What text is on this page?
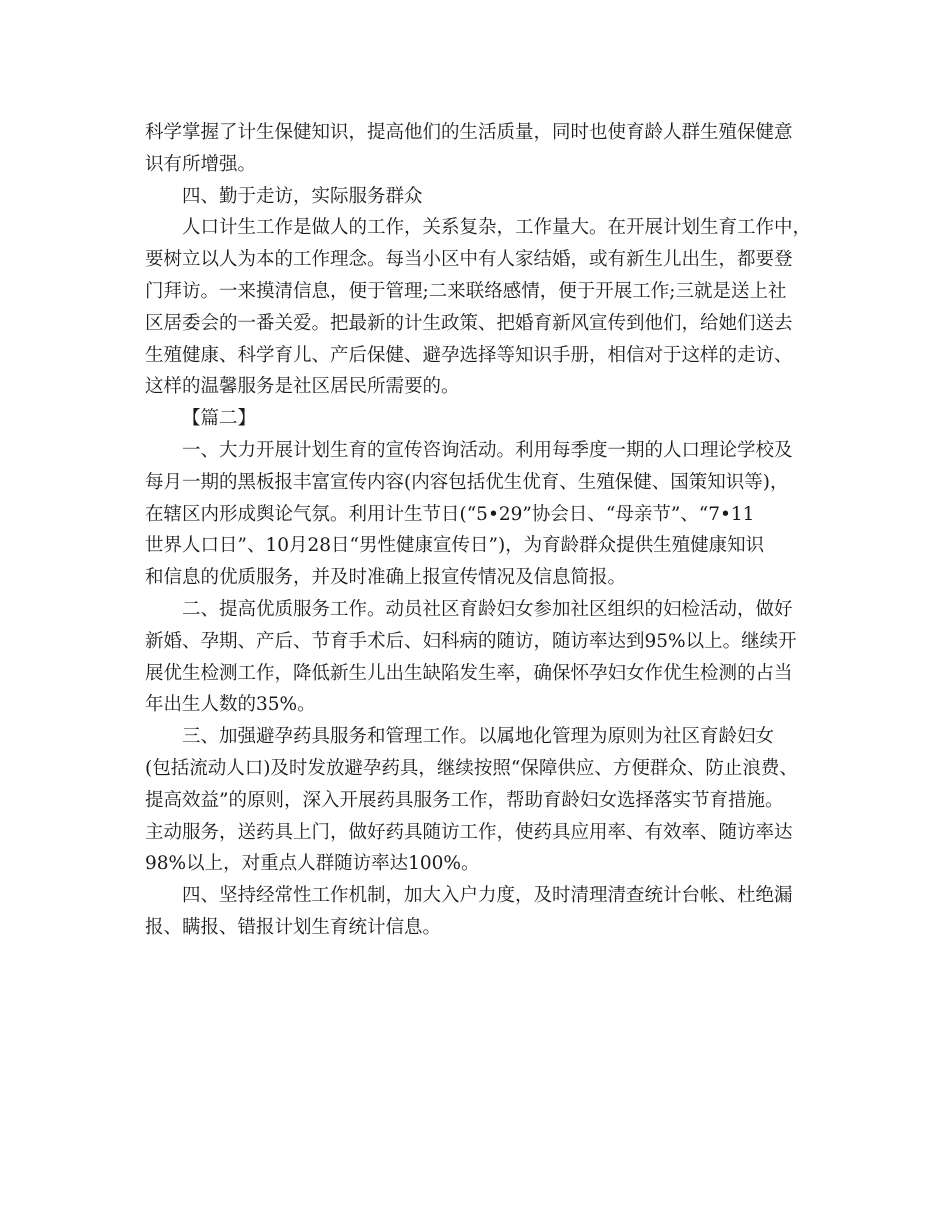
科学掌握了计生保健知识，提高他们的生活质量，同时也使育龄人群生殖保健意
识有所增强。
四、勤于走访，实际服务群众
人口计生工作是做人的工作，关系复杂，工作量大。在开展计划生育工作中，
要树立以人为本的工作理念。每当小区中有人家结婚，或有新生儿出生，都要登
门拜访。一来摸清信息，便于管理;二来联络感情，便于开展工作;三就是送上社
区居委会的一番关爱。把最新的计生政策、把婚育新风宣传到他们，给她们送去
生殖健康、科学育儿、产后保健、避孕选择等知识手册，相信对于这样的走访、
这样的温馨服务是社区居民所需要的。
【篇二】
一、大力开展计划生育的宣传咨询活动。利用每季度一期的人口理论学校及
每月一期的黑板报丰富宣传内容(内容包括优生优育、生殖保健、国策知识等)，
在辖区内形成舆论气氛。利用计生节日(“5•29”协会日、“母亲节”、“7•11
世界人口日”、10月28日“男性健康宣传日”)，为育龄群众提供生殖健康知识
和信息的优质服务，并及时准确上报宣传情况及信息简报。
二、提高优质服务工作。动员社区育龄妇女参加社区组织的妇检活动，做好
新婚、孕期、产后、节育手术后、妇科病的随访，随访率达到95%以上。继续开
展优生检测工作，降低新生儿出生缺陷发生率，确保怀孕妇女作优生检测的占当
年出生人数的35%。
三、加强避孕药具服务和管理工作。以属地化管理为原则为社区育龄妇女
(包括流动人口)及时发放避孕药具，继续按照“保障供应、方便群众、防止浪费、
提高效益”的原则，深入开展药具服务工作，帮助育龄妇女选择落实节育措施。
主动服务，送药具上门，做好药具随访工作，使药具应用率、有效率、随访率达
98%以上，对重点人群随访率达100%。
四、坚持经常性工作机制，加大入户力度，及时清理清查统计台帐、杜绝漏
报、瞒报、错报计划生育统计信息。
